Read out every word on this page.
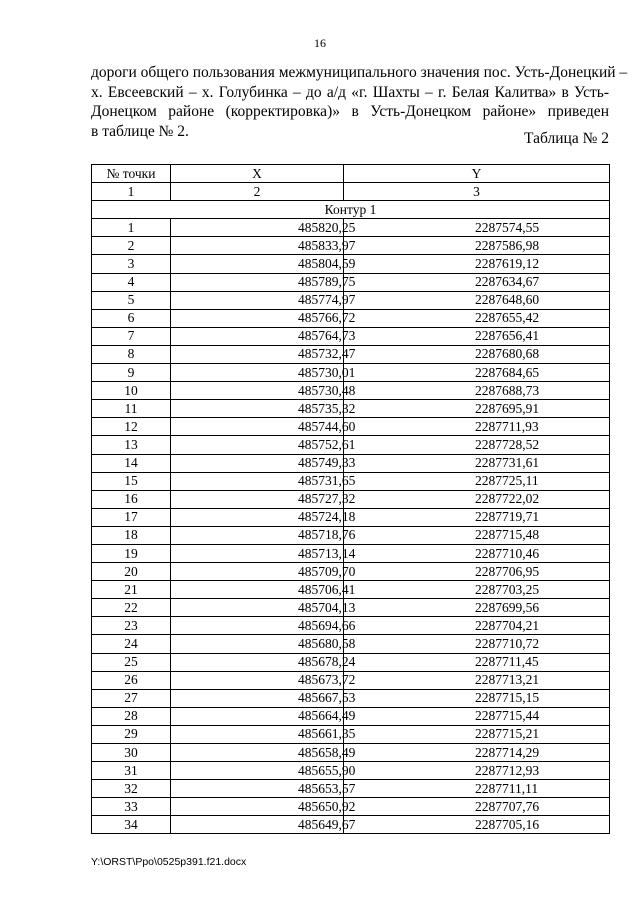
16
дороги общего пользования межмуниципального значения пос. Усть-Донецкий –
х. Евсеевский – х. Голубинка – до а/д «г. Шахты – г. Белая Калитва» в Усть-
Донецком районе (корректировка)» в Усть-Донецком районе» приведен
в таблице № 2.	Таблица № 2
№ точки	X	Y
1	2	3
Контур 1		
1	485820,25	2287574,55
2	485833,97	2287586,98
3	485804,59	2287619,12
4	485789,75	2287634,67
5	485774,97	2287648,60
6	485766,72	2287655,42
7	485764,73	2287656,41
8	485732,47	2287680,68
9	485730,01	2287684,65
10	485730,48	2287688,73
11	485735,32	2287695,91
12	485744,60	2287711,93
13	485752,61	2287728,52
14	485749,33	2287731,61
15	485731,65	2287725,11
16	485727,32	2287722,02
17	485724,18	2287719,71
18	485718,76	2287715,48
19	485713,14	2287710,46
20	485709,70	2287706,95
21	485706,41	2287703,25
22	485704,13	2287699,56
23	485694,66	2287704,21
24	485680,58	2287710,72
25	485678,24	2287711,45
26	485673,72	2287713,21
27	485667,53	2287715,15
28	485664,49	2287715,44
29	485661,35	2287715,21
30	485658,49	2287714,29
31	485655,90	2287712,93
32	485653,57	2287711,11
33	485650,92	2287707,76
34	485649,67	2287705,16
Y:\ORST\Ppo\0525p391.f21.docx
